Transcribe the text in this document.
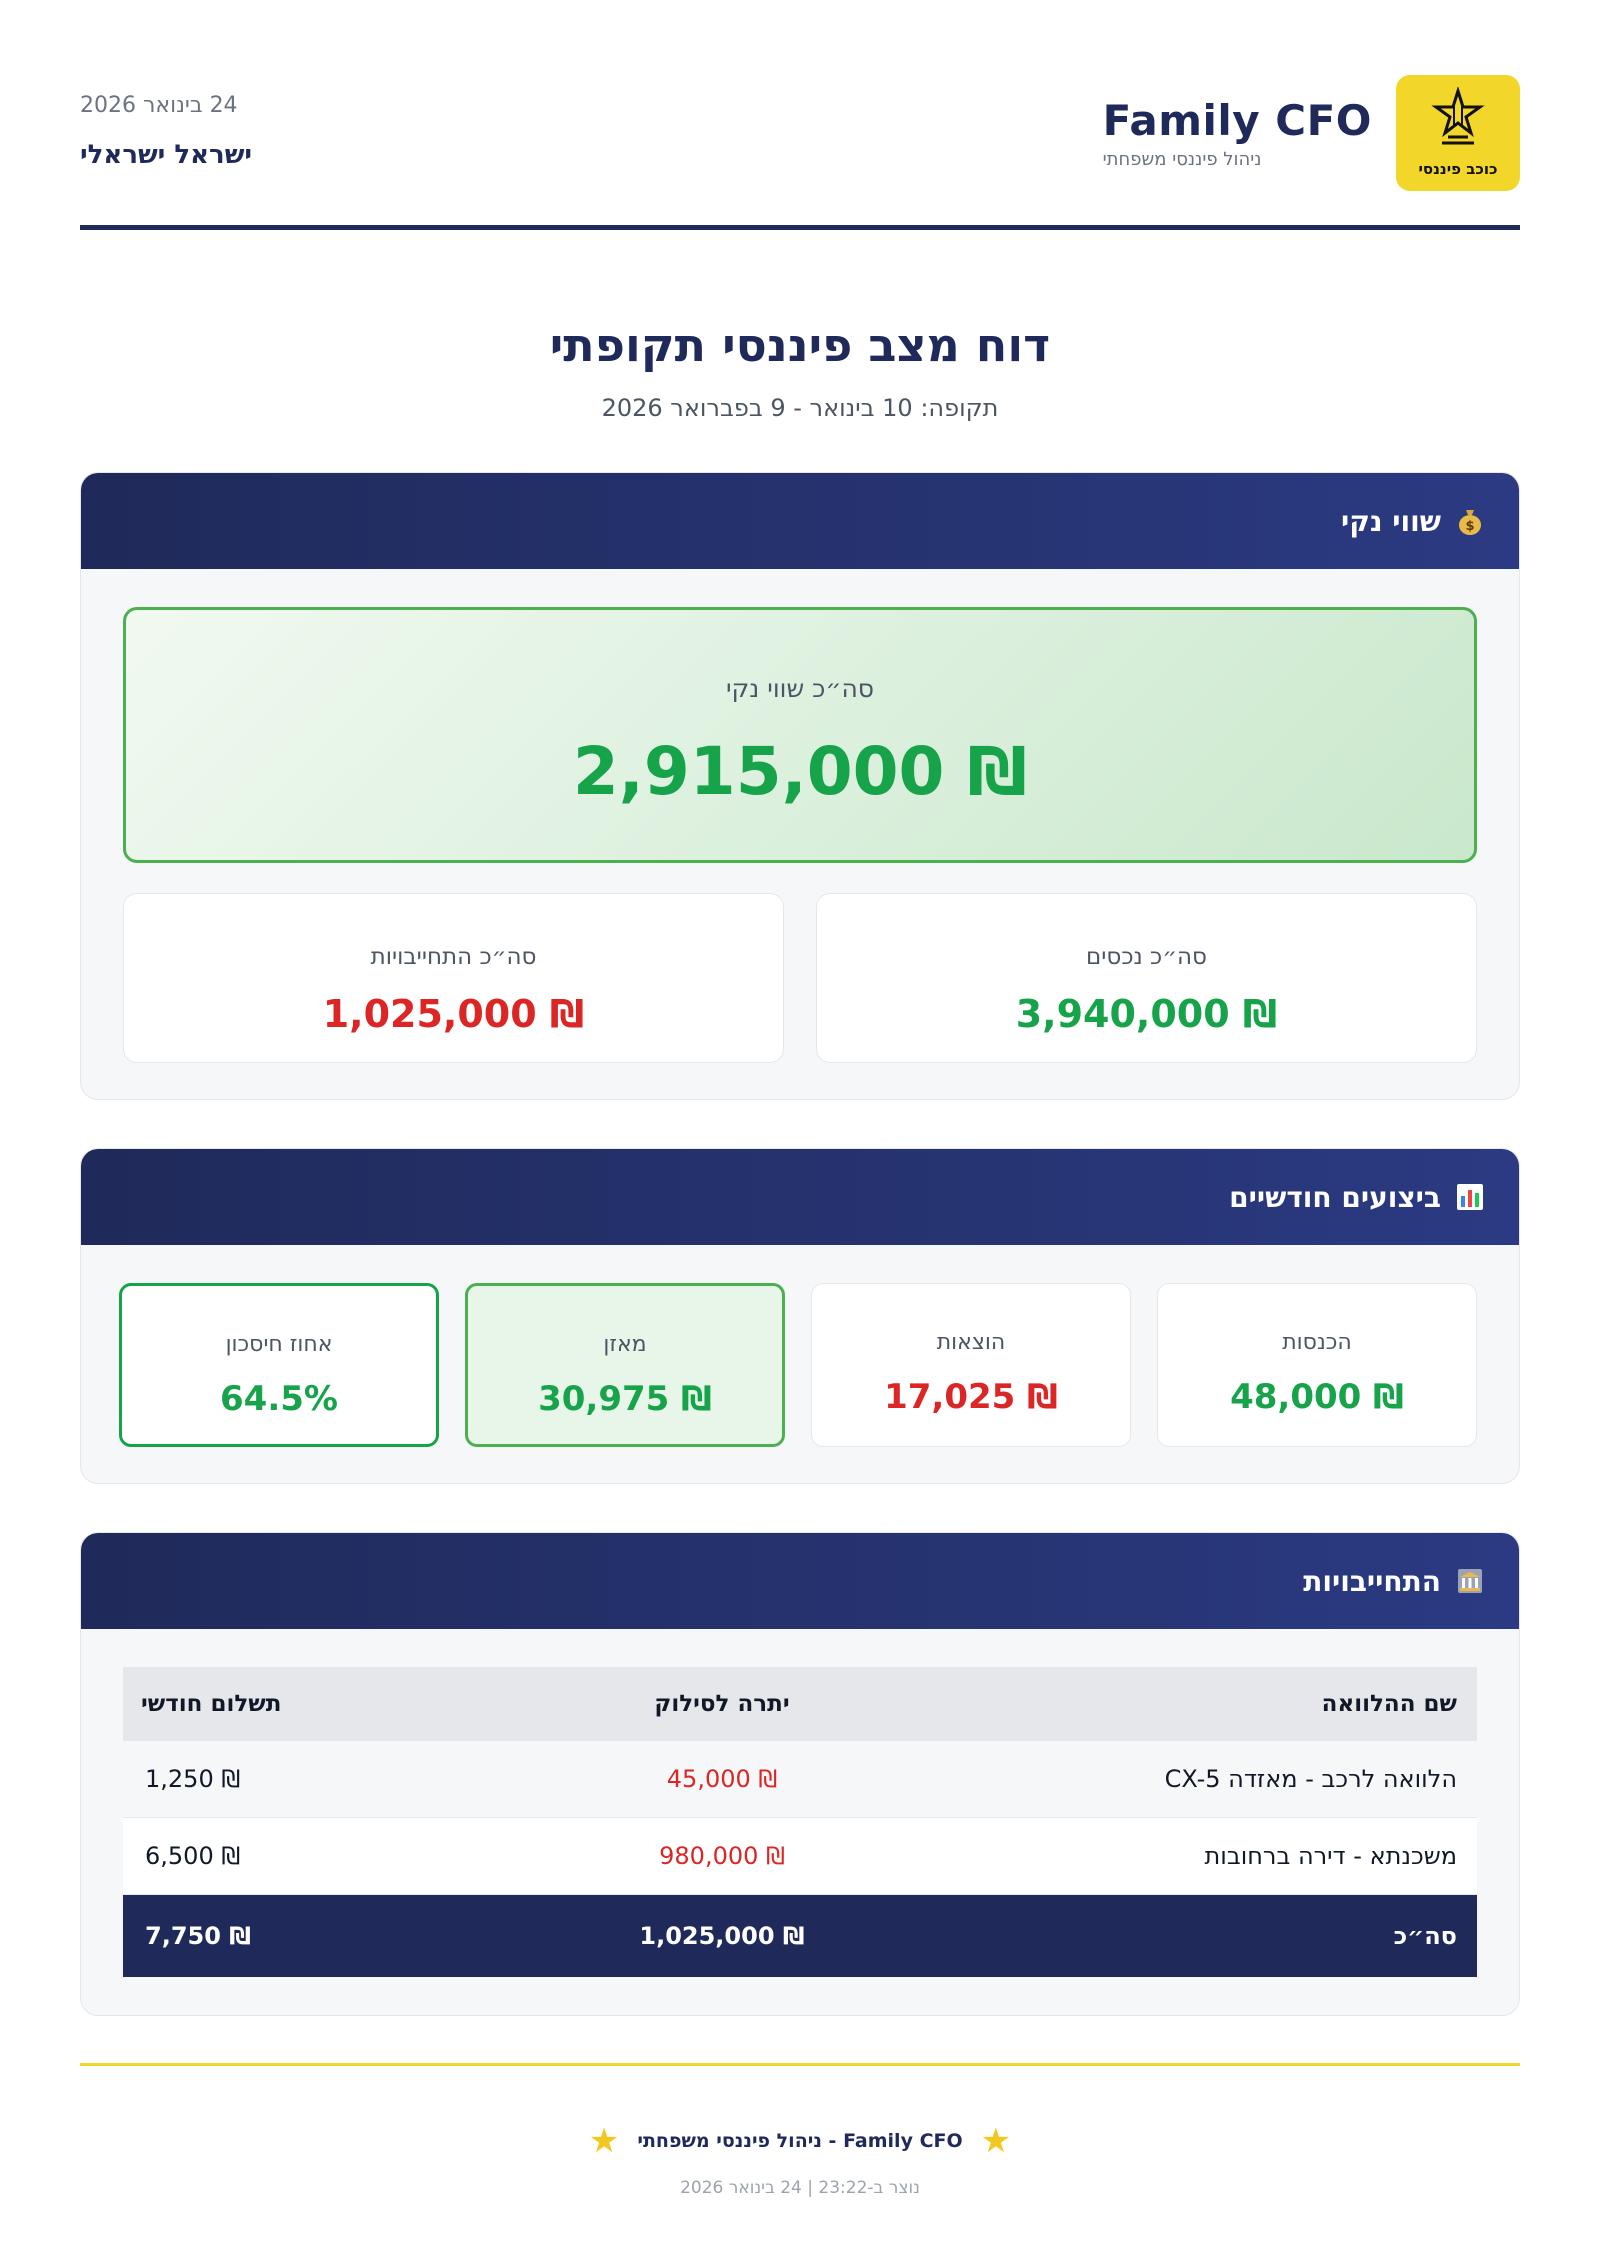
כוכב פיננסי
Family CFO
ניהול פיננסי משפחתי
24 בינואר 2026
ישראל ישראלי
דוח מצב פיננסי תקופתי
תקופה: 10 בינואר - 9 בפברואר 2026
$
שווי נקי
סה״כ שווי נקי
₪ 2,915,000
סה״כ נכסים
₪ 3,940,000
סה״כ התחייבויות
₪ 1,025,000
ביצועים חודשיים
הכנסות
₪ 48,000
הוצאות
₪ 17,025
מאזן
₪ 30,975
אחוז חיסכון
64.5%
התחייבויות
שם ההלוואה
יתרה לסילוק
תשלום חודשי
הלוואה לרכב - מאזדה CX-5
₪ 45,000
₪ 1,250
משכנתא - דירה ברחובות
₪ 980,000
₪ 6,500
סה״כ
₪ 1,025,000
₪ 7,750
★
Family CFO - ניהול פיננסי משפחתי
★
נוצר ב-23:22 | 24 בינואר 2026
